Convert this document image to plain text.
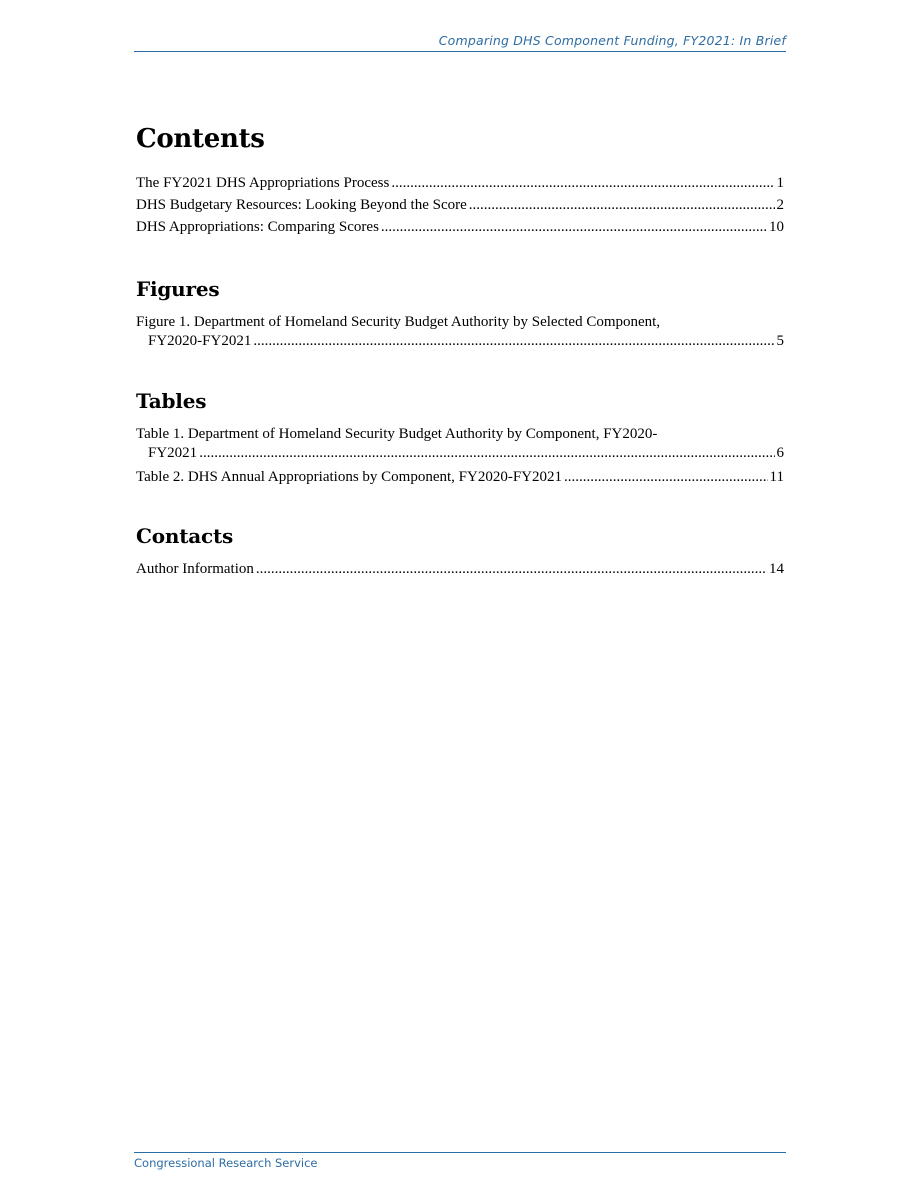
Comparing DHS Component Funding, FY2021: In Brief
Contents
The FY2021 DHS Appropriations Process .....	1
DHS Budgetary Resources: Looking Beyond the Score .....	2
DHS Appropriations: Comparing Scores .....	10
Figures
Figure 1. Department of Homeland Security Budget Authority by Selected Component,
FY2020-FY2021 .....	5
Tables
Table 1. Department of Homeland Security Budget Authority by Component, FY2020-
FY2021 .....	6
Table 2. DHS Annual Appropriations by Component, FY2020-FY2021 .....	11
Contacts
Author Information .....	14
Congressional Research Service
